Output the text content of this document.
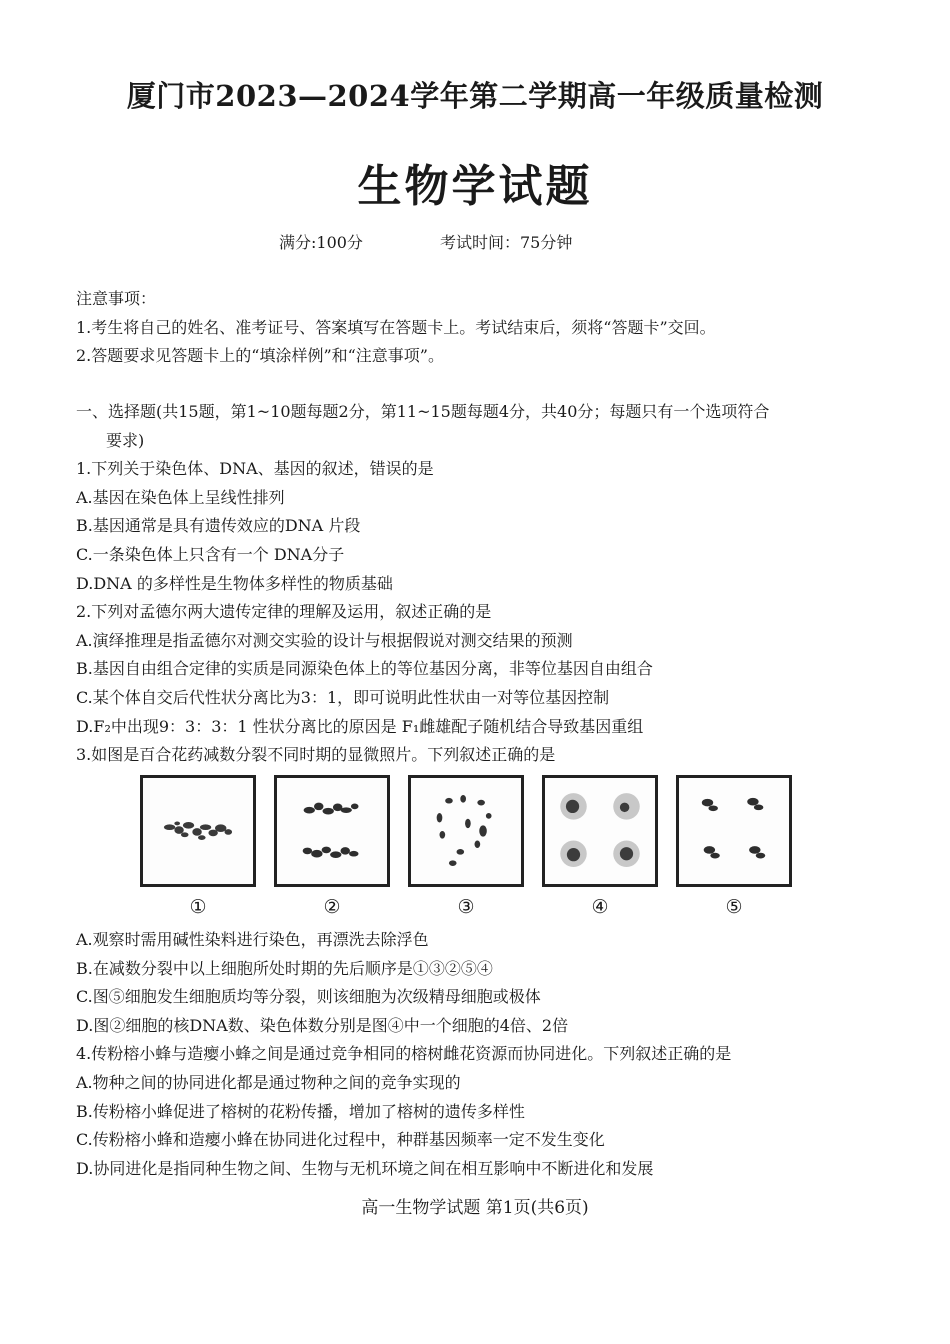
厦门市2023—2024学年第二学期高一年级质量检测
生物学试题
满分:100分	考试时间：75分钟
注意事项：
1.考生将自己的姓名、准考证号、答案填写在答题卡上。考试结束后，须将“答题卡”交回。
2.答题要求见答题卡上的“填涂样例”和“注意事项”。
一、选择题(共15题，第1~10题每题2分，第11~15题每题4分，共40分；每题只有一个选项符合
要求)
1.下列关于染色体、DNA、基因的叙述，错误的是
A.基因在染色体上呈线性排列
B.基因通常是具有遗传效应的DNA 片段
C.一条染色体上只含有一个 DNA分子
D.DNA 的多样性是生物体多样性的物质基础
2.下列对孟德尔两大遗传定律的理解及运用，叙述正确的是
A.演绎推理是指孟德尔对测交实验的设计与根据假说对测交结果的预测
B.基因自由组合定律的实质是同源染色体上的等位基因分离，非等位基因自由组合
C.某个体自交后代性状分离比为3：1，即可说明此性状由一对等位基因控制
D.F₂中出现9：3：3：1 性状分离比的原因是 F₁雌雄配子随机结合导致基因重组
3.如图是百合花药减数分裂不同时期的显微照片。下列叙述正确的是
①	②	③	④	⑤
A.观察时需用碱性染料进行染色，再漂洗去除浮色
B.在减数分裂中以上细胞所处时期的先后顺序是①③②⑤④
C.图⑤细胞发生细胞质均等分裂，则该细胞为次级精母细胞或极体
D.图②细胞的核DNA数、染色体数分别是图④中一个细胞的4倍、2倍
4.传粉榕小蜂与造瘿小蜂之间是通过竞争相同的榕树雌花资源而协同进化。下列叙述正确的是
A.物种之间的协同进化都是通过物种之间的竞争实现的
B.传粉榕小蜂促进了榕树的花粉传播，增加了榕树的遗传多样性
C.传粉榕小蜂和造瘿小蜂在协同进化过程中，种群基因频率一定不发生变化
D.协同进化是指同种生物之间、生物与无机环境之间在相互影响中不断进化和发展
高一生物学试题 第1页(共6页)
